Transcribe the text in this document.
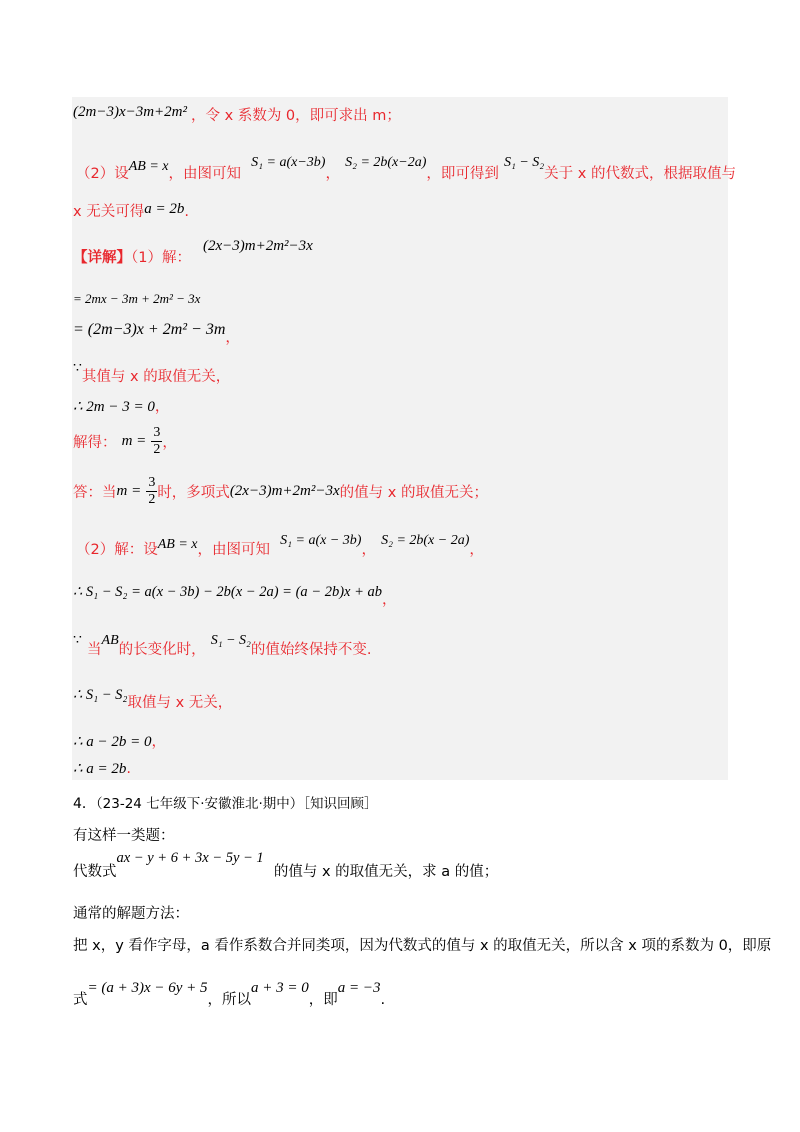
(2m−3)x−3m+2m² ，令 x 系数为 0，即可求出 m；
（2）设AB = x，由图可知  S₁ = a(x−3b)， S₂ = 2b(x−2a)，即可得到 S₁ − S₂关于 x 的代数式，根据取值与
x 无关可得a = 2b.
【详解】（1）解：(2x−3)m+2m²−3x
= 2mx − 3m + 2m² − 3x
= (2m−3)x + 2m² − 3m，
∵其值与 x 的取值无关，
∴ 2m − 3 = 0，
解得： $m = \frac{3}{2}$ ，
答：当$m = \frac{3}{2}$ 时，多项式(2x−3)m+2m²−3x的值与 x 的取值无关；
（2）解：设AB = x，由图可知  S₁ = a(x − 3b)， S₂ = 2b(x − 2a)，
∴ S₁ − S₂ = a(x − 3b) − 2b(x − 2a) = (a − 2b)x + ab，
∵ 当AB的长变化时， S₁ − S₂的值始终保持不变.
∴ S₁ − S₂取值与 x 无关，
∴ a − 2b = 0，
∴ a = 2b.
4．（23-24 七年级下·安徽淮北·期中）［知识回顾］
有这样一类题：
代数式ax − y + 6 + 3x − 5y − 1  的值与 x 的取值无关，求 a 的值；
通常的解题方法：
把 x，y 看作字母，a 看作系数合并同类项，因为代数式的值与 x 的取值无关，所以含 x 项的系数为 0，即原
式= (a + 3)x − 6y + 5，所以a + 3 = 0，即a = −3.
